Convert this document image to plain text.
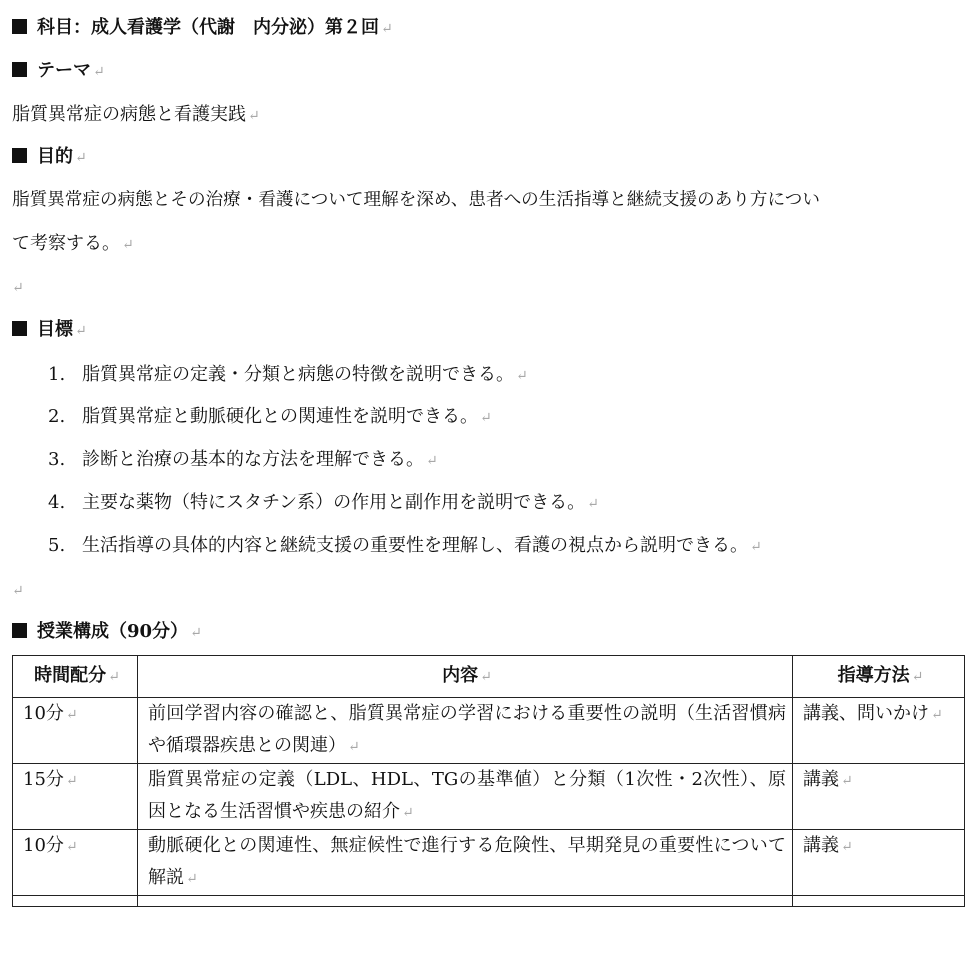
科目：成人看護学（代謝　内分泌）第２回 ↵
テーマ ↵
脂質異常症の病態と看護実践 ↵
目的 ↵
脂質異常症の病態とその治療・看護について理解を深め、患者への生活指導と継続支援のあり方につい
て考察する。 ↵
↵
目標 ↵
1. 脂質異常症の定義・分類と病態の特徴を説明できる。 ↵
2. 脂質異常症と動脈硬化との関連性を説明できる。 ↵
3. 診断と治療の基本的な方法を理解できる。 ↵
4. 主要な薬物（特にスタチン系）の作用と副作用を説明できる。 ↵
5. 生活指導の具体的内容と継続支援の重要性を理解し、看護の視点から説明できる。 ↵
↵
授業構成（90分） ↵
時間配分 ↵	内容 ↵	指導方法 ↵
10分 ↵	前回学習内容の確認と、脂質異常症の学習における重要性の説明（生活習慣病や循環器疾患との関連） ↵	講義、問いかけ ↵
15分 ↵	脂質異常症の定義（LDL、HDL、TGの基準値）と分類（1次性・2次性）、原因となる生活習慣や疾患の紹介 ↵	講義 ↵
10分 ↵	動脈硬化との関連性、無症候性で進行する危険性、早期発見の重要性について解説 ↵	講義 ↵
